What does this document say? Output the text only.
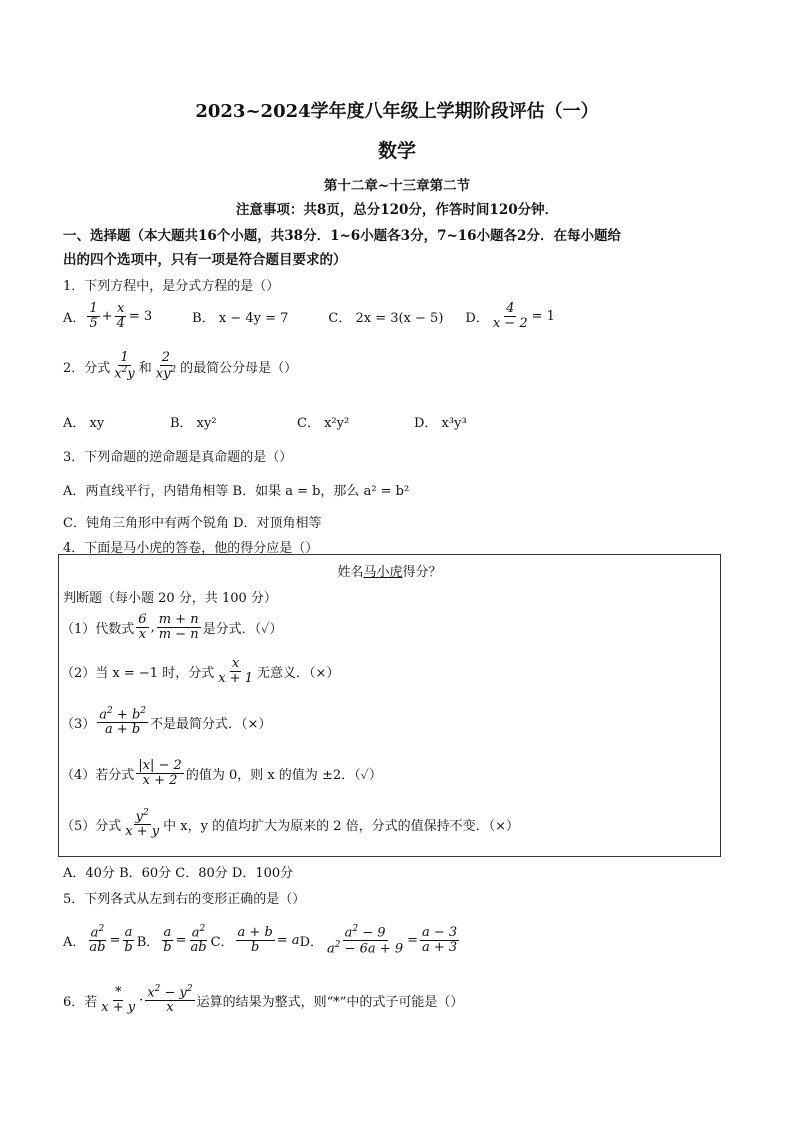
2023~2024学年度八年级上学期阶段评估（一）
数学
第十二章~十三章第二节
注意事项：共8页，总分120分，作答时间120分钟．
一、选择题（本大题共16个小题，共38分．1~6小题各3分，7~16小题各2分．在每小题给
出的四个选项中，只有一项是符合题目要求的）
1．下列方程中，是分式方程的是（）
A． $\frac{1}{5} + \frac{x}{4} = 3$	B． x − 4y = 7	C． 2x = 3(x − 5) D． $\frac{4}{x - 2} = 1$
2．分式 $\frac{1}{x^2y}$ 和 $\frac{2}{xy^2}$ 的最简公分母是（）
A． xy	B． xy²	C． x²y²	D． x³y³
3．下列命题的逆命题是真命题的是（）
A．两直线平行，内错角相等 B．如果 a = b，那么 a² = b²
C．钝角三角形中有两个锐角 D．对顶角相等
4．下面是马小虎的答卷，他的得分应是（）
姓名马小虎得分？
判断题（每小题 20 分，共 100 分）
（1）代数式 $\frac{6}{x}$ , $\frac{m + n}{m - n}$ 是分式．（✓）
（2）当 x = −1 时，分式 $\frac{x}{x + 1}$ 无意义．（×）
$(3) \frac{a^2 + b^2}{a + b}$ 不是最简分式．（×）
（4）若分式 $\frac{|x| - 2}{x + 2}$ 的值为 0，则 x 的值为 ±2．（✓）
（5）分式 $\frac{y^2}{x + y}$ 中 x，y 的值均扩大为原来的 2 倍，分式的值保持不变．（×）
A．40分 B．60分 C．80分 D．100分
5．下列各式从左到右的变形正确的是（）
A． $\frac{a^2}{ab} = \frac{a}{b}$ B． $\frac{a}{b} = \frac{a^2}{ab}$ C． $\frac{a + b}{b} = a$ D． $\frac{a^2 - 9}{a^2 - 6a + 9} = \frac{a - 3}{a + 3}$
6．若 $\frac{*}{x + y} \cdot \frac{x^2 - y^2}{x}$ 运算的结果为整式，则“*”中的式子可能是（）
